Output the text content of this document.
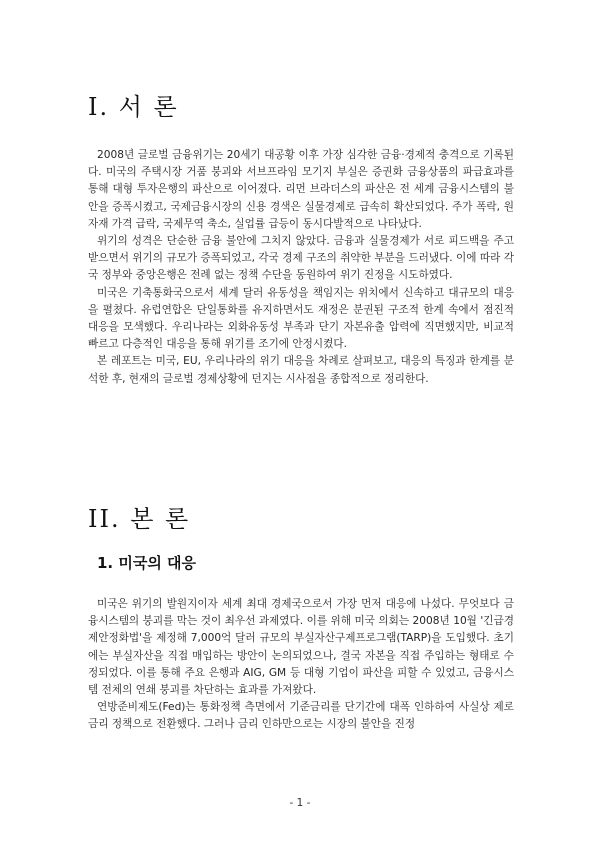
I. 서 론

2008년 글로벌 금융위기는 20세기 대공황 이후 가장 심각한 금융·경제적 충격으로 기록된다. 미국의 주택시장 거품 붕괴와 서브프라임 모기지 부실은 증권화 금융상품의 파급효과를 통해 대형 투자은행의 파산으로 이어졌다. 리먼 브라더스의 파산은 전 세계 금융시스템의 불안을 증폭시켰고, 국제금융시장의 신용 경색은 실물경제로 급속히 확산되었다. 주가 폭락, 원자재 가격 급락, 국제무역 축소, 실업률 급등이 동시다발적으로 나타났다.

위기의 성격은 단순한 금융 불안에 그치지 않았다. 금융과 실물경제가 서로 피드백을 주고받으면서 위기의 규모가 증폭되었고, 각국 경제 구조의 취약한 부분을 드러냈다. 이에 따라 각국 정부와 중앙은행은 전례 없는 정책 수단을 동원하여 위기 진정을 시도하였다.

미국은 기축통화국으로서 세계 달러 유동성을 책임지는 위치에서 신속하고 대규모의 대응을 펼쳤다. 유럽연합은 단일통화를 유지하면서도 재정은 분권된 구조적 한계 속에서 점진적 대응을 모색했다. 우리나라는 외화유동성 부족과 단기 자본유출 압력에 직면했지만, 비교적 빠르고 다층적인 대응을 통해 위기를 조기에 안정시켰다.

본 레포트는 미국, EU, 우리나라의 위기 대응을 차례로 살펴보고, 대응의 특징과 한계를 분석한 후, 현재의 글로벌 경제상황에 던지는 시사점을 종합적으로 정리한다.

II. 본 론
1. 미국의 대응

미국은 위기의 발원지이자 세계 최대 경제국으로서 가장 먼저 대응에 나섰다. 무엇보다 금융시스템의 붕괴를 막는 것이 최우선 과제였다. 이를 위해 미국 의회는 2008년 10월 '긴급경제안정화법'을 제정해 7,000억 달러 규모의 부실자산구제프로그램(TARP)을 도입했다. 초기에는 부실자산을 직접 매입하는 방안이 논의되었으나, 결국 자본을 직접 주입하는 형태로 수정되었다. 이를 통해 주요 은행과 AIG, GM 등 대형 기업이 파산을 피할 수 있었고, 금융시스템 전체의 연쇄 붕괴를 차단하는 효과를 가져왔다.

연방준비제도(Fed)는 통화정책 측면에서 기준금리를 단기간에 대폭 인하하여 사실상 제로금리 정책으로 전환했다. 그러나 금리 인하만으로는 시장의 불안을 진정

- 1 -
